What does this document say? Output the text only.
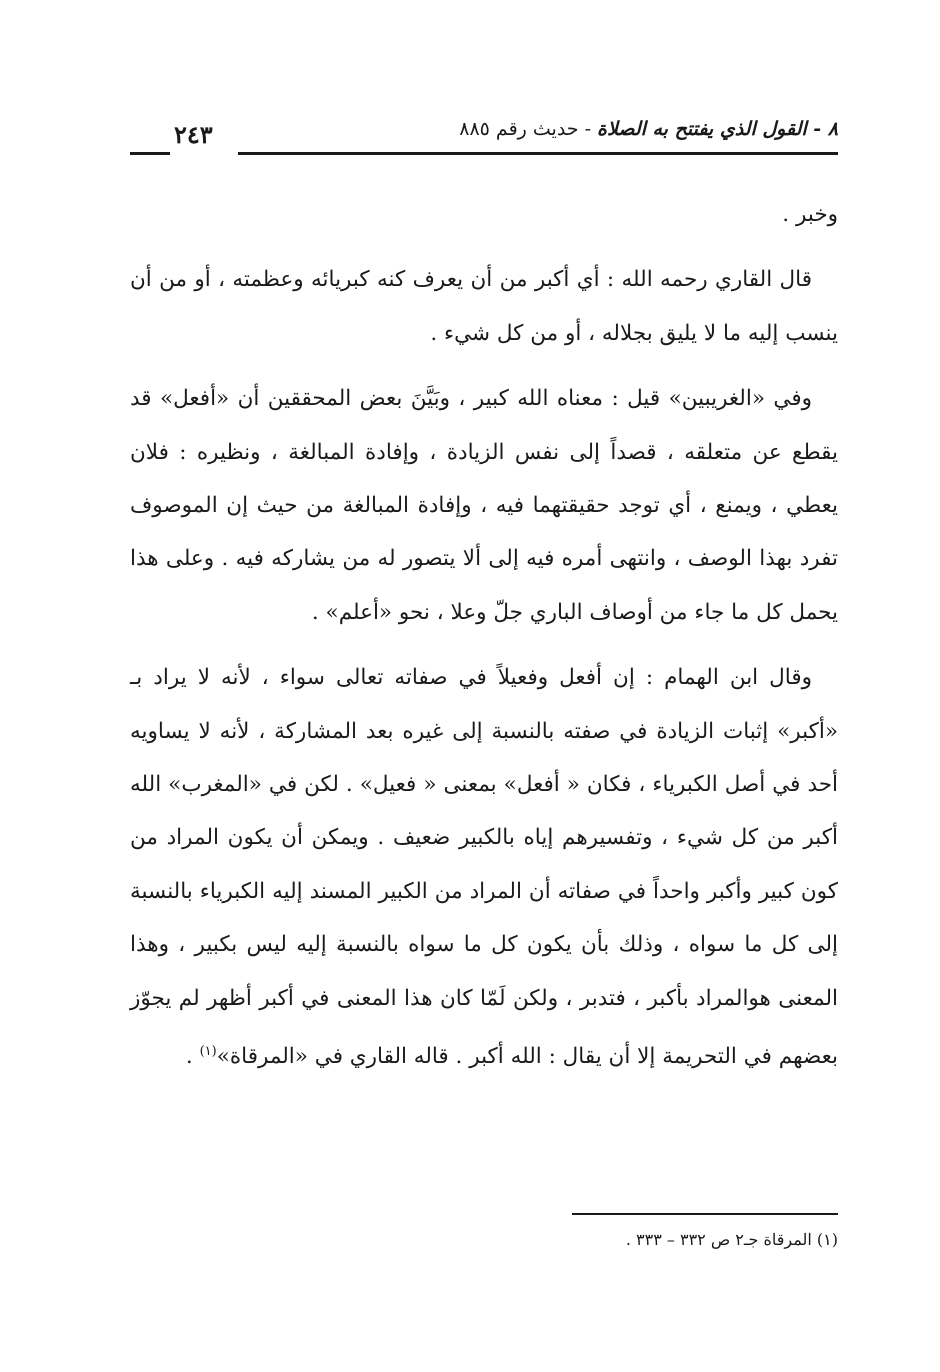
٨ - القول الذي يفتتح به الصلاة - حديث رقم ٨٨٥
٢٤٣

وخبر .

قال القاري رحمه الله : أي أكبر من أن يعرف كنه كبريائه وعظمته ، أو من أن ينسب إليه ما لا يليق بجلاله ، أو من كل شيء .

وفي «الغريبين» قيل : معناه الله كبير ، وبَيَّنَ بعض المحققين أن «أفعل» قد يقطع عن متعلقه ، قصداً إلى نفس الزيادة ، وإفادة المبالغة ، ونظيره : فلان يعطي ، ويمنع ، أي توجد حقيقتهما فيه ، وإفادة المبالغة من حيث إن الموصوف تفرد بهذا الوصف ، وانتهى أمره فيه إلى ألا يتصور له من يشاركه فيه . وعلى هذا يحمل كل ما جاء من أوصاف الباري جلّ وعلا ، نحو «أعلم» .

وقال ابن الهمام : إن أفعل وفعيلاً في صفاته تعالى سواء ، لأنه لا يراد بـ «أكبر» إثبات الزيادة في صفته بالنسبة إلى غيره بعد المشاركة ، لأنه لا يساويه أحد في أصل الكبرياء ، فكان « أفعل» بمعنى « فعيل» . لكن في «المغرب» الله أكبر من كل شيء ، وتفسيرهم إياه بالكبير ضعيف . ويمكن أن يكون المراد من كون كبير وأكبر واحداً في صفاته أن المراد من الكبير المسند إليه الكبرياء بالنسبة إلى كل ما سواه ، وذلك بأن يكون كل ما سواه بالنسبة إليه ليس بكبير ، وهذا المعنى هوالمراد بأكبر ، فتدبر ، ولكن لَمّا كان هذا المعنى في أكبر أظهر لم يجوّز بعضهم في التحريمة إلا أن يقال : الله أكبر . قاله القاري في «المرقاة»$^{(١)}$ .

(١) المرقاة جـ٢ ص ٣٣٢ – ٣٣٣ .
